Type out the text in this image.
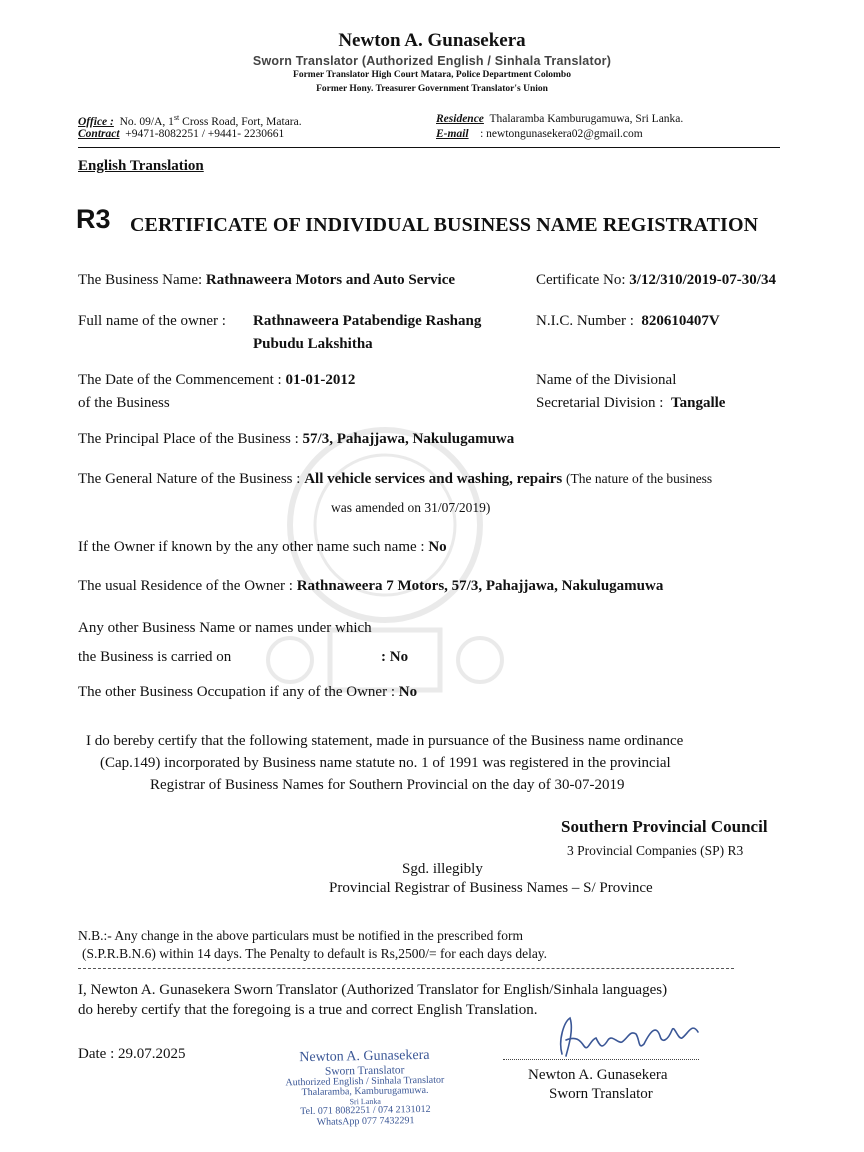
Newton A. Gunasekera
Sworn Translator (Authorized English / Sinhala Translator)
Former Translator High Court Matara, Police Department Colombo
Former Hony. Treasurer Government Translator's Union
Office : No. 09/A, 1st Cross Road, Fort, Matara.
Contract +9471-8082251 / +9441- 2230661
Residence Thalaramba Kamburugamuwa, Sri Lanka.
E-mail : newtongunasekera02@gmail.com
English Translation
R3 CERTIFICATE OF INDIVIDUAL BUSINESS NAME REGISTRATION
The Business Name: Rathnaweera Motors and Auto Service	Certificate No: 3/12/310/2019-07-30/34
Full name of the owner : Rathnaweera Patabendige Rashang
Pubudu Lakshitha
N.I.C. Number : 820610407V
The Date of the Commencement : 01-01-2012
of the Business
Name of the Divisional
Secretarial Division : Tangalle
The Principal Place of the Business : 57/3, Pahajjawa, Nakulugamuwa
The General Nature of the Business : All vehicle services and washing, repairs (The nature of the business
was amended on 31/07/2019)
If the Owner if known by the any other name such name : No
The usual Residence of the Owner : Rathnaweera 7 Motors, 57/3, Pahajjawa, Nakulugamuwa
Any other Business Name or names under which
the Business is carried on	: No
The other Business Occupation if any of the Owner : No
I do bereby certify that the following statement, made in pursuance of the Business name ordinance
(Cap.149) incorporated by Business name statute no. 1 of 1991 was registered in the provincial
Registrar of Business Names for Southern Provincial on the day of 30-07-2019
Southern Provincial Council
3 Provincial Companies (SP) R3
Sgd. illegibly
Provincial Registrar of Business Names – S/ Province
N.B.:- Any change in the above particulars must be notified in the prescribed form
(S.P.R.B.N.6) within 14 days. The Penalty to default is Rs,2500/= for each days delay.
I, Newton A. Gunasekera Sworn Translator (Authorized Translator for English/Sinhala languages)
do hereby certify that the foregoing is a true and correct English Translation.
Date : 29.07.2025	Newton A. Gunasekera
Sworn Translator
Authorized English / Sinhala Translator
Thalaramba, Kamburugamuwa.
Sri Lanka
Tel. 071 8082251 / 074 2131012
WhatsApp 077 7432291
Newton A. Gunasekera
Sworn Translator
